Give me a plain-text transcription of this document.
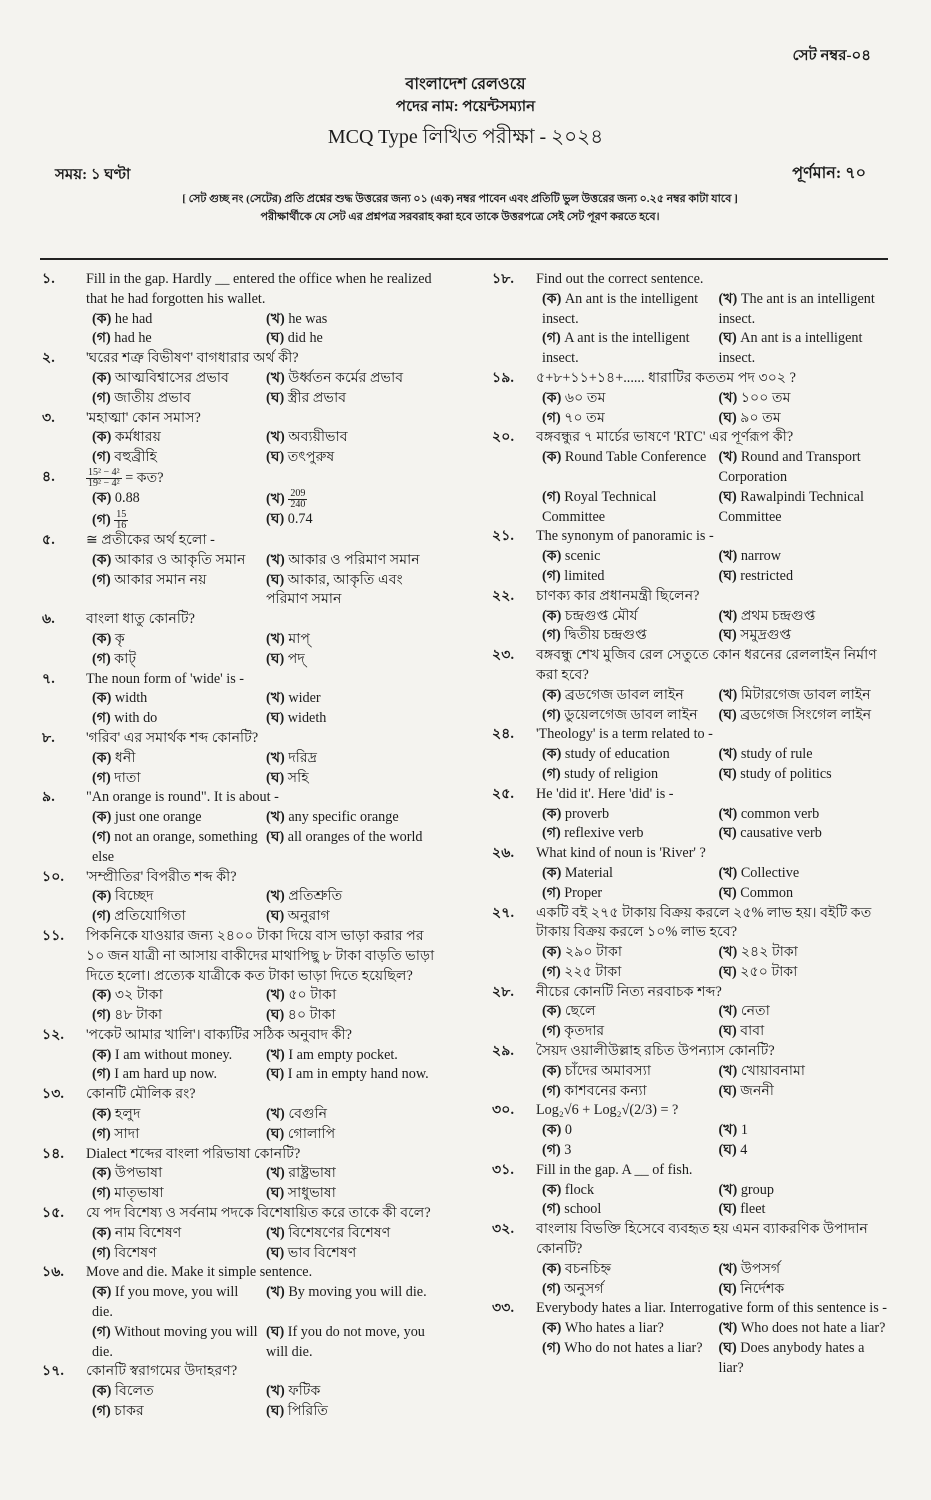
সেট নম্বর-০৪
বাংলাদেশ রেলওয়ে
পদের নাম: পয়েন্টসম্যান
MCQ Type লিখিত পরীক্ষা - ২০২৪
সময়: ১ ঘণ্টা	পূর্ণমান: ৭০
[ সেট গুচ্ছ নং (সেটের) প্রতি প্রশ্নের শুদ্ধ উত্তরের জন্য ০১ (এক) নম্বর পাবেন এবং প্রতিটি ভুল উত্তরের জন্য ০.২৫ নম্বর কাটা যাবে ]
পরীক্ষার্থীকে যে সেট এর প্রশ্নপত্র সরবরাহ করা হবে তাকে উত্তরপত্রে সেই সেট পূরণ করতে হবে।
১. Fill in the gap. Hardly __ entered the office when he realized that he had forgotten his wallet.
(ক) he had	(খ) he was
(গ) had he	(ঘ) did he
২. 'ঘরের শত্রু বিভীষণ' বাগধারার অর্থ কী?
(ক) আত্মবিশ্বাসের প্রভাব	(খ) উর্ধ্বতন কর্মের প্রভাব
(গ) জাতীয় প্রভাব	(ঘ) স্ত্রীর প্রভাব
৩. 'মহাত্মা' কোন সমাস?
(ক) কর্মধারয়	(খ) অব্যয়ীভাব
(গ) বহুব্রীহি	(ঘ) তৎপুরুষ
৪.	$\frac{\text{15² − 4²}}{\text{19² − 4²}}$ = কত?
(ক) 0.88	(খ) $\frac{209}{240}$
(গ) $\frac{15}{16}$	(ঘ) 0.74
৫. ≅ প্রতীকের অর্থ হলো -
(ক) আকার ও আকৃতি সমান	(খ) আকার ও পরিমাণ সমান
(গ) আকার সমান নয়	(ঘ) আকার, আকৃতি এবং পরিমাণ সমান
৬. বাংলা ধাতু কোনটি?
(ক) কৃ	(খ) মাপ্
(গ) কাট্	(ঘ) পদ্
৭. The noun form of 'wide' is -
(ক) width	(খ) wider
(গ) with do	(ঘ) wideth
৮. 'গরিব' এর সমার্থক শব্দ কোনটি?
(ক) ধনী	(খ) দরিদ্র
(গ) দাতা	(ঘ) সহি
৯. "An orange is round". It is about -
(ক) just one orange	(খ) any specific orange
(গ) not an orange, something else
(ঘ) all oranges of the world
১০. 'সম্প্রীতির' বিপরীত শব্দ কী?
(ক) বিচ্ছেদ	(খ) প্রতিশ্রুতি
(গ) প্রতিযোগিতা	(ঘ) অনুরাগ
১১. পিকনিকে যাওয়ার জন্য ২৪০০ টাকা দিয়ে বাস ভাড়া করার পর ১০ জন যাত্রী না আসায় বাকীদের মাথাপিছু ৮ টাকা বাড়তি ভাড়া দিতে হলো। প্রত্যেক যাত্রীকে কত টাকা ভাড়া দিতে হয়েছিল?
(ক) ৩২ টাকা	(খ) ৫০ টাকা
(গ) ৪৮ টাকা	(ঘ) ৪০ টাকা
১২. 'পকেট আমার খালি'। বাক্যটির সঠিক অনুবাদ কী?
(ক) I am without money.	(খ) I am empty pocket.
(গ) I am hard up now.	(ঘ) I am in empty hand now.
১৩. কোনটি মৌলিক রং?
(ক) হলুদ	(খ) বেগুনি
(গ) সাদা	(ঘ) গোলাপি
১৪. Dialect শব্দের বাংলা পরিভাষা কোনটি?
(ক) উপভাষা	(খ) রাষ্ট্রভাষা
(গ) মাতৃভাষা	(ঘ) সাধুভাষা
১৫. যে পদ বিশেষ্য ও সর্বনাম পদকে বিশেষায়িত করে তাকে কী বলে?
(ক) নাম বিশেষণ	(খ) বিশেষণের বিশেষণ
(গ) বিশেষণ	(ঘ) ভাব বিশেষণ
১৬. Move and die. Make it simple sentence.
(ক) If you move, you will die.
(খ) By moving you will die.
(গ) Without moving you will die.
(ঘ) If you do not move, you will die.
১৭. কোনটি স্বরাগমের উদাহরণ?
(ক) বিলেত	(খ) ফটিক
(গ) চাকর	(ঘ) পিরিতি
১৮. Find out the correct sentence.
(ক) An ant is the intelligent insect.
(খ) The ant is an intelligent insect.
(গ) A ant is the intelligent insect.
(ঘ) An ant is a intelligent insect.
১৯. ৫+৮+১১+১৪+...... ধারাটির কততম পদ ৩০২ ?
(ক) ৬০ তম	(খ) ১০০ তম
(গ) ৭০ তম	(ঘ) ৯০ তম
২০. বঙ্গবন্ধুর ৭ মার্চের ভাষণে 'RTC' এর পূর্ণরূপ কী?
(ক) Round Table Conference (খ) Round and Transport Corporation
(গ) Royal Technical Committee
(ঘ) Rawalpindi Technical Committee
২১. The synonym of panoramic is -
(ক) scenic	(খ) narrow
(গ) limited	(ঘ) restricted
২২. চাণক্য কার প্রধানমন্ত্রী ছিলেন?
(ক) চন্দ্রগুপ্ত মৌর্য	(খ) প্রথম চন্দ্রগুপ্ত
(গ) দ্বিতীয় চন্দ্রগুপ্ত	(ঘ) সমুদ্রগুপ্ত
২৩. বঙ্গবন্ধু শেখ মুজিব রেল সেতুতে কোন ধরনের রেললাইন নির্মাণ করা হবে?
(ক) ব্রডগেজ ডাবল লাইন	(খ) মিটারগেজ ডাবল লাইন
(গ) ডুয়েলগেজ ডাবল লাইন	(ঘ) ব্রডগেজ সিংগেল লাইন
২৪. 'Theology' is a term related to -
(ক) study of education	(খ) study of rule
(গ) study of religion	(ঘ) study of politics
২৫. He 'did it'. Here 'did' is -
(ক) proverb	(খ) common verb
(গ) reflexive verb	(ঘ) causative verb
২৬. What kind of noun is 'River' ?
(ক) Material	(খ) Collective
(গ) Proper	(ঘ) Common
২৭. একটি বই ২৭৫ টাকায় বিক্রয় করলে ২৫% লাভ হয়। বইটি কত টাকায় বিক্রয় করলে ১০% লাভ হবে?
(ক) ২৯০ টাকা	(খ) ২৪২ টাকা
(গ) ২২৫ টাকা	(ঘ) ২৫০ টাকা
২৮. নীচের কোনটি নিত্য নরবাচক শব্দ?
(ক) ছেলে	(খ) নেতা
(গ) কৃতদার	(ঘ) বাবা
২৯. সৈয়দ ওয়ালীউল্লাহ রচিত উপন্যাস কোনটি?
(ক) চাঁদের অমাবস্যা	(খ) খোয়াবনামা
(গ) কাশবনের কন্যা	(ঘ) জননী
৩০. Log₂√6 + Log₂√(2/3) = ?
(ক) 0	(খ) 1
(গ) 3	(ঘ) 4
৩১. Fill in the gap. A __ of fish.
(ক) flock	(খ) group
(গ) school	(ঘ) fleet
৩২. বাংলায় বিভক্তি হিসেবে ব্যবহৃত হয় এমন ব্যাকরণিক উপাদান কোনটি?
(ক) বচনচিহ্ন	(খ) উপসর্গ
(গ) অনুসর্গ	(ঘ) নির্দেশক
৩৩. Everybody hates a liar. Interrogative form of this sentence is -
(ক) Who hates a liar?	(খ) Who does not hate a liar?
(গ) Who do not hates a liar?	(ঘ) Does anybody hates a liar?
